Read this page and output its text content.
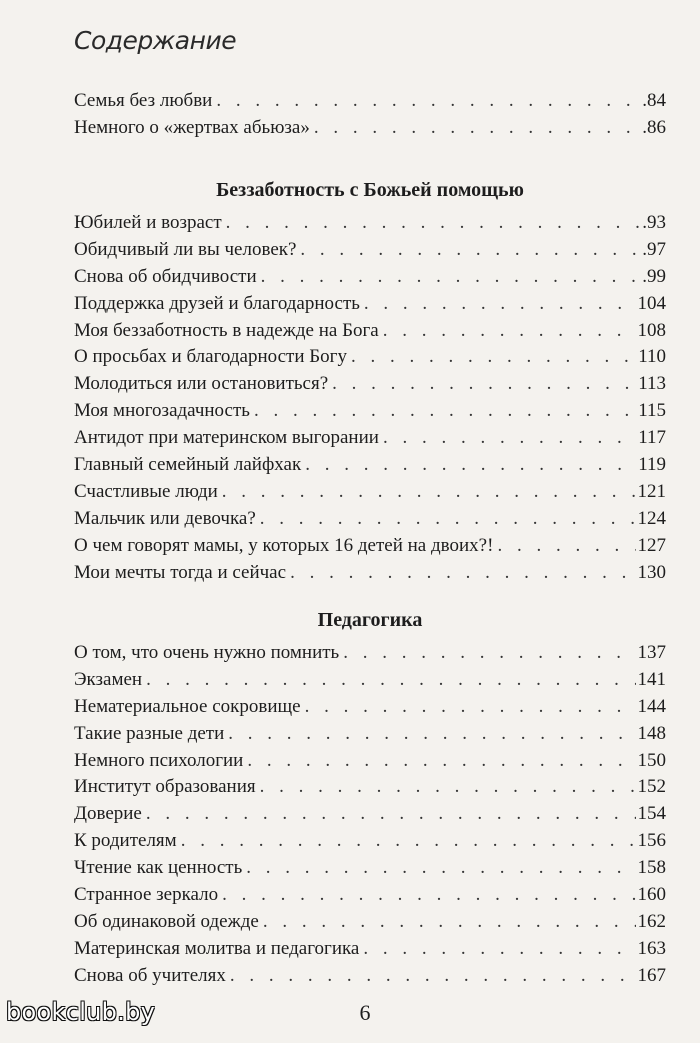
Содержание
Семья без любви . . .	.84
Немного о «жертвах абьюза» . . .	.86
Беззаботность с Божьей помощью
Юбилей и возраст . . .	.93
Обидчивый ли вы человек? . . .	.97
Снова об обидчивости . . .	.99
Поддержка друзей и благодарность . . .	104
Моя беззаботность в надежде на Бога . . .	108
О просьбах и благодарности Богу . . .	110
Молодиться или остановиться? . . .	113
Моя многозадачность . . .	115
Антидот при материнском выгорании . . .	117
Главный семейный лайфхак . . .	119
Счастливые люди . . .	121
Мальчик или девочка? . . .	124
О чем говорят мамы, у которых 16 детей на двоих?! . . .	127
Мои мечты тогда и сейчас . . .	130
Педагогика
О том, что очень нужно помнить . . .	137
Экзамен . . .	141
Нематериальное сокровище . . .	144
Такие разные дети . . .	148
Немного психологии . . .	150
Институт образования . . .	152
Доверие . . .	154
К родителям . . .	156
Чтение как ценность . . .	158
Странное зеркало . . .	160
Об одинаковой одежде . . .	162
Материнская молитва и педагогика . . .	163
Снова об учителях . . .	167
6
bookclub.by
